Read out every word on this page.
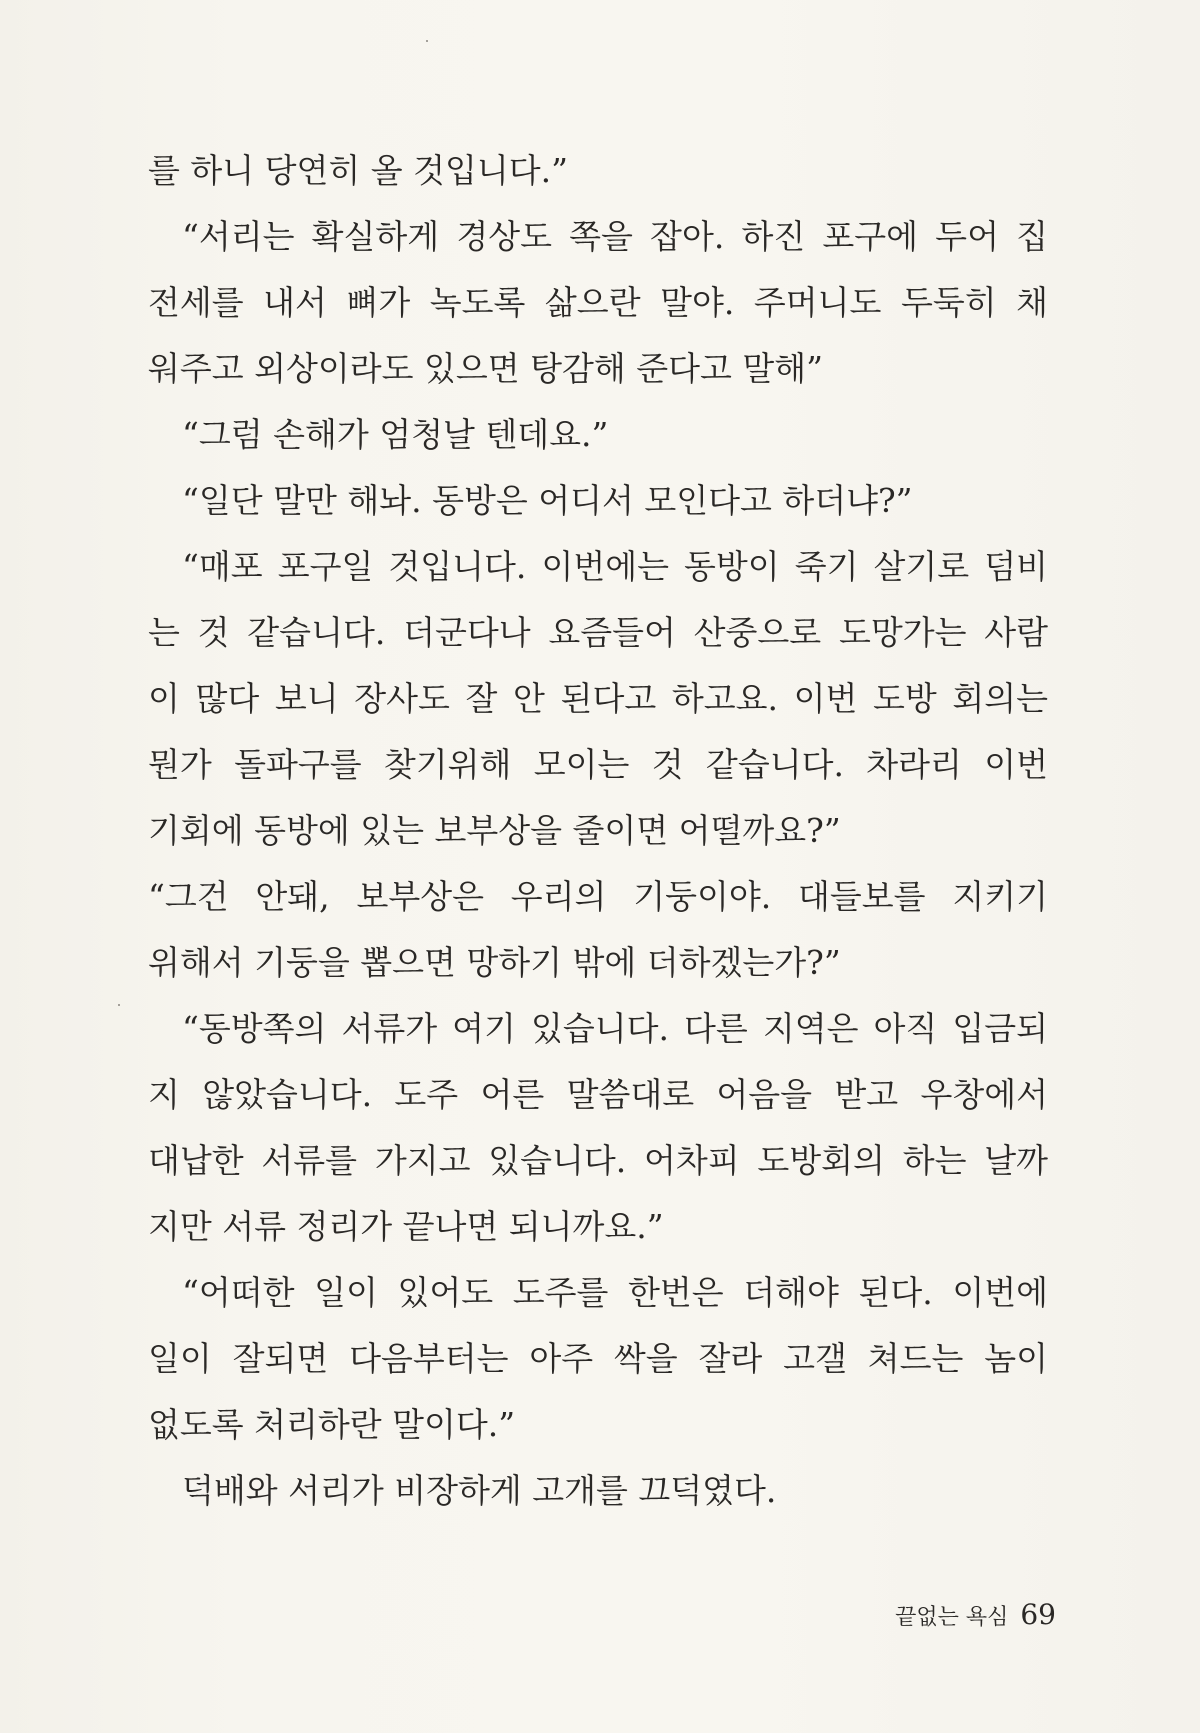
를 하니 당연히 올 것입니다.”
“서리는 확실하게 경상도 쪽을 잡아. 하진 포구에 두어 집
전세를 내서 뼈가 녹도록 삶으란 말야. 주머니도 두둑히 채
워주고 외상이라도 있으면 탕감해 준다고 말해”
“그럼 손해가 엄청날 텐데요.”
“일단 말만 해놔. 동방은 어디서 모인다고 하더냐?”
“매포 포구일 것입니다. 이번에는 동방이 죽기 살기로 덤비
는 것 같습니다. 더군다나 요즘들어 산중으로 도망가는 사람
이 많다 보니 장사도 잘 안 된다고 하고요. 이번 도방 회의는
뭔가 돌파구를 찾기위해 모이는 것 같습니다. 차라리 이번
기회에 동방에 있는 보부상을 줄이면 어떨까요?”
“그건 안돼, 보부상은 우리의 기둥이야. 대들보를 지키기
위해서 기둥을 뽑으면 망하기 밖에 더하겠는가?”
“동방쪽의 서류가 여기 있습니다. 다른 지역은 아직 입금되
지 않았습니다. 도주 어른 말씀대로 어음을 받고 우창에서
대납한 서류를 가지고 있습니다. 어차피 도방회의 하는 날까
지만 서류 정리가 끝나면 되니까요.”
“어떠한 일이 있어도 도주를 한번은 더해야 된다. 이번에
일이 잘되면 다음부터는 아주 싹을 잘라 고갤 쳐드는 놈이
없도록 처리하란 말이다.”
덕배와 서리가 비장하게 고개를 끄덕였다.
끝없는 욕심 69
